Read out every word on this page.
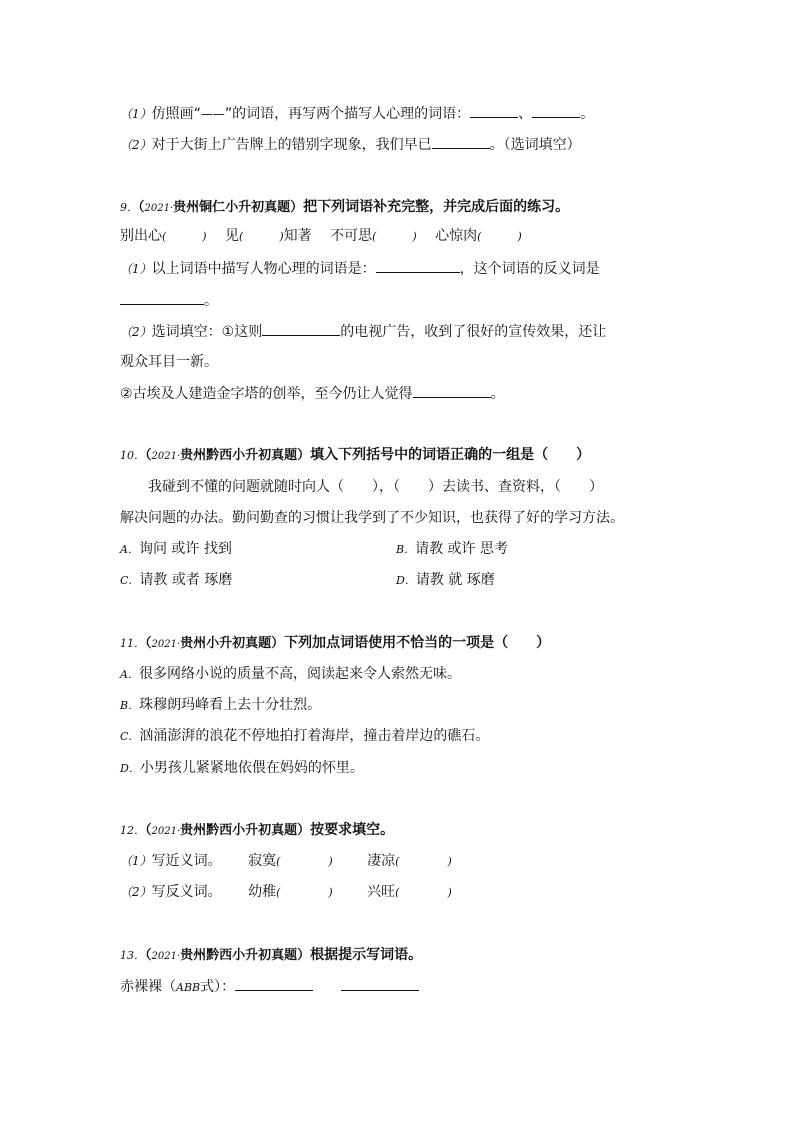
（1）仿照画“——”的词语，再写两个描写人心理的词语：	、	。
（2）对于大街上广告牌上的错别字现象，我们早已	。（选词填空）
9．（2021·贵州铜仁小升初真题）把下列词语补充完整，并完成后面的练习。
别出心(	) 见(	)知著 不可思(	) 心惊肉(	)
（1）以上词语中描写人物心理的词语是：	，这个词语的反义词是
。
（2）选词填空：①这则	的电视广告，收到了很好的宣传效果，还让
观众耳目一新。
②古埃及人建造金字塔的创举，至今仍让人觉得	。
10．（2021·贵州黔西小升初真题）填入下列括号中的词语正确的一组是（　　）
我碰到不懂的问题就随时向人（　　），（　　）去读书、查资料，（　　）
解决问题的办法。勤问勤查的习惯让我学到了不少知识，也获得了好的学习方法。
A．询问 或许 找到	B．请教 或许 思考
C．请教 或者 琢磨	D．请教 就 琢磨
11．（2021·贵州小升初真题）下列加点词语使用不恰当的一项是（　　）
A．很多网络小说的质量不高，阅读起来令人索然无味。
B．珠穆朗玛峰看上去十分壮烈。
C．汹涌澎湃的浪花不停地拍打着海岸，撞击着岸边的礁石。
D．小男孩儿紧紧地依偎在妈妈的怀里。
12．（2021·贵州黔西小升初真题）按要求填空。
（1）写近义词。 寂寞(	) 凄凉(	)
（2）写反义词。 幼稚(	) 兴旺(	)
13．（2021·贵州黔西小升初真题）根据提示写词语。
赤裸裸（ABB式）：
